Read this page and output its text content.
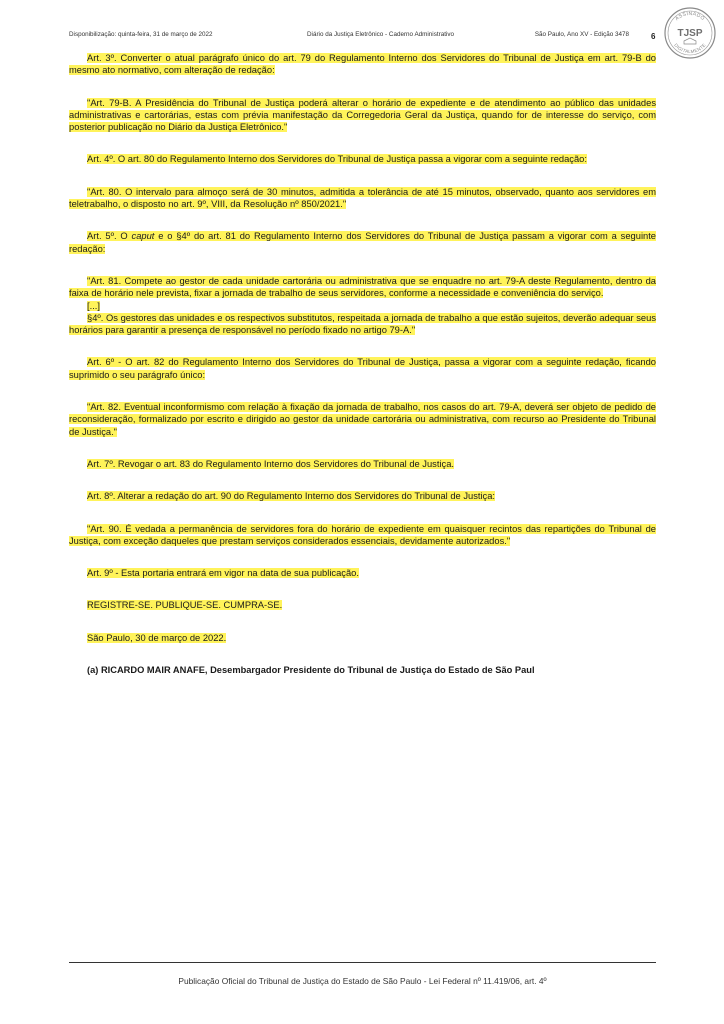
Disponibilização: quinta-feira, 31 de março de 2022	Diário da Justiça Eletrônico - Caderno Administrativo	São Paulo, Ano XV - Edição 3478	6
ASSINADO
DIGITALMENTE
TJSP

Art. 3º. Converter o atual parágrafo único do art. 79 do Regulamento Interno dos Servidores do Tribunal de Justiça em art. 79-B do mesmo ato normativo, com alteração de redação:

"Art. 79-B. A Presidência do Tribunal de Justiça poderá alterar o horário de expediente e de atendimento ao público das unidades administrativas e cartorárias, estas com prévia manifestação da Corregedoria Geral da Justiça, quando for de interesse do serviço, com posterior publicação no Diário da Justiça Eletrônico."

Art. 4º. O art. 80 do Regulamento Interno dos Servidores do Tribunal de Justiça passa a vigorar com a seguinte redação:

"Art. 80. O intervalo para almoço será de 30 minutos, admitida a tolerância de até 15 minutos, observado, quanto aos servidores em teletrabalho, o disposto no art. 9º, VIII, da Resolução nº 850/2021."

Art. 5º. O caput e o §4º do art. 81 do Regulamento Interno dos Servidores do Tribunal de Justiça passam a vigorar com a seguinte redação:

"Art. 81. Compete ao gestor de cada unidade cartorária ou administrativa que se enquadre no art. 79-A deste Regulamento, dentro da faixa de horário nele prevista, fixar a jornada de trabalho de seus servidores, conforme a necessidade e conveniência do serviço.

[...]

§4º. Os gestores das unidades e os respectivos substitutos, respeitada a jornada de trabalho a que estão sujeitos, deverão adequar seus horários para garantir a presença de responsável no período fixado no artigo 79-A."

Art. 6º - O art. 82 do Regulamento Interno dos Servidores do Tribunal de Justiça, passa a vigorar com a seguinte redação, ficando suprimido o seu parágrafo único:

"Art. 82. Eventual inconformismo com relação à fixação da jornada de trabalho, nos casos do art. 79-A, deverá ser objeto de pedido de reconsideração, formalizado por escrito e dirigido ao gestor da unidade cartorária ou administrativa, com recurso ao Presidente do Tribunal de Justiça."

Art. 7º. Revogar o art. 83 do Regulamento Interno dos Servidores do Tribunal de Justiça.

Art. 8º. Alterar a redação do art. 90 do Regulamento Interno dos Servidores do Tribunal de Justiça:

"Art. 90. É vedada a permanência de servidores fora do horário de expediente em quaisquer recintos das repartições do Tribunal de Justiça, com exceção daqueles que prestam serviços considerados essenciais, devidamente autorizados."

Art. 9º - Esta portaria entrará em vigor na data de sua publicação.

REGISTRE-SE. PUBLIQUE-SE. CUMPRA-SE.

São Paulo, 30 de março de 2022.

(a) RICARDO MAIR ANAFE, Desembargador Presidente do Tribunal de Justiça do Estado de São Paul

Publicação Oficial do Tribunal de Justiça do Estado de São Paulo - Lei Federal nº 11.419/06, art. 4º
